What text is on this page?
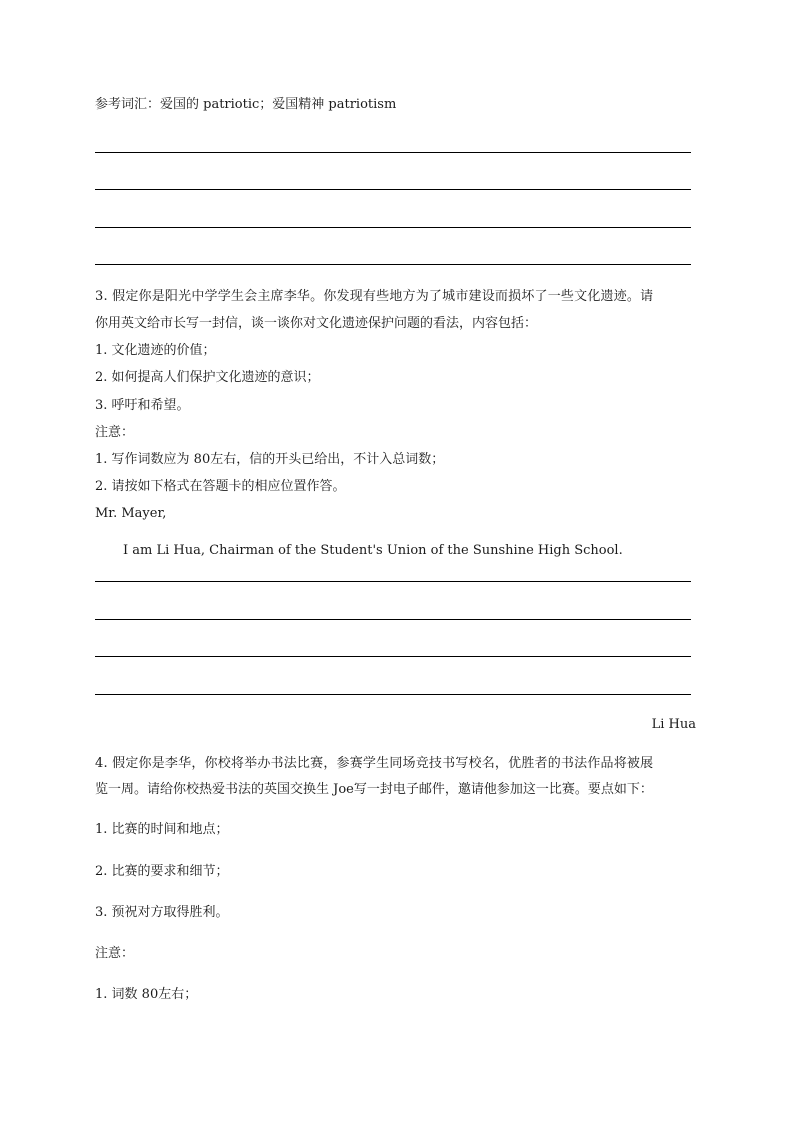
参考词汇：爱国的 patriotic；爱国精神 patriotism
3. 假定你是阳光中学学生会主席李华。你发现有些地方为了城市建设而损坏了一些文化遗迹。请
你用英文给市长写一封信，谈一谈你对文化遗迹保护问题的看法，内容包括：
1. 文化遗迹的价值；
2. 如何提高人们保护文化遗迹的意识；
3. 呼吁和希望。
注意：
1. 写作词数应为 80左右，信的开头已给出，不计入总词数；
2. 请按如下格式在答题卡的相应位置作答。
Mr. Mayer,
I am Li Hua, Chairman of the Student's Union of the Sunshine High School.
Li Hua
4. 假定你是李华，你校将举办书法比赛，参赛学生同场竞技书写校名，优胜者的书法作品将被展
览一周。请给你校热爱书法的英国交换生 Joe写一封电子邮件，邀请他参加这一比赛。要点如下：
1. 比赛的时间和地点；
2. 比赛的要求和细节；
3. 预祝对方取得胜利。
注意：
1. 词数 80左右；
